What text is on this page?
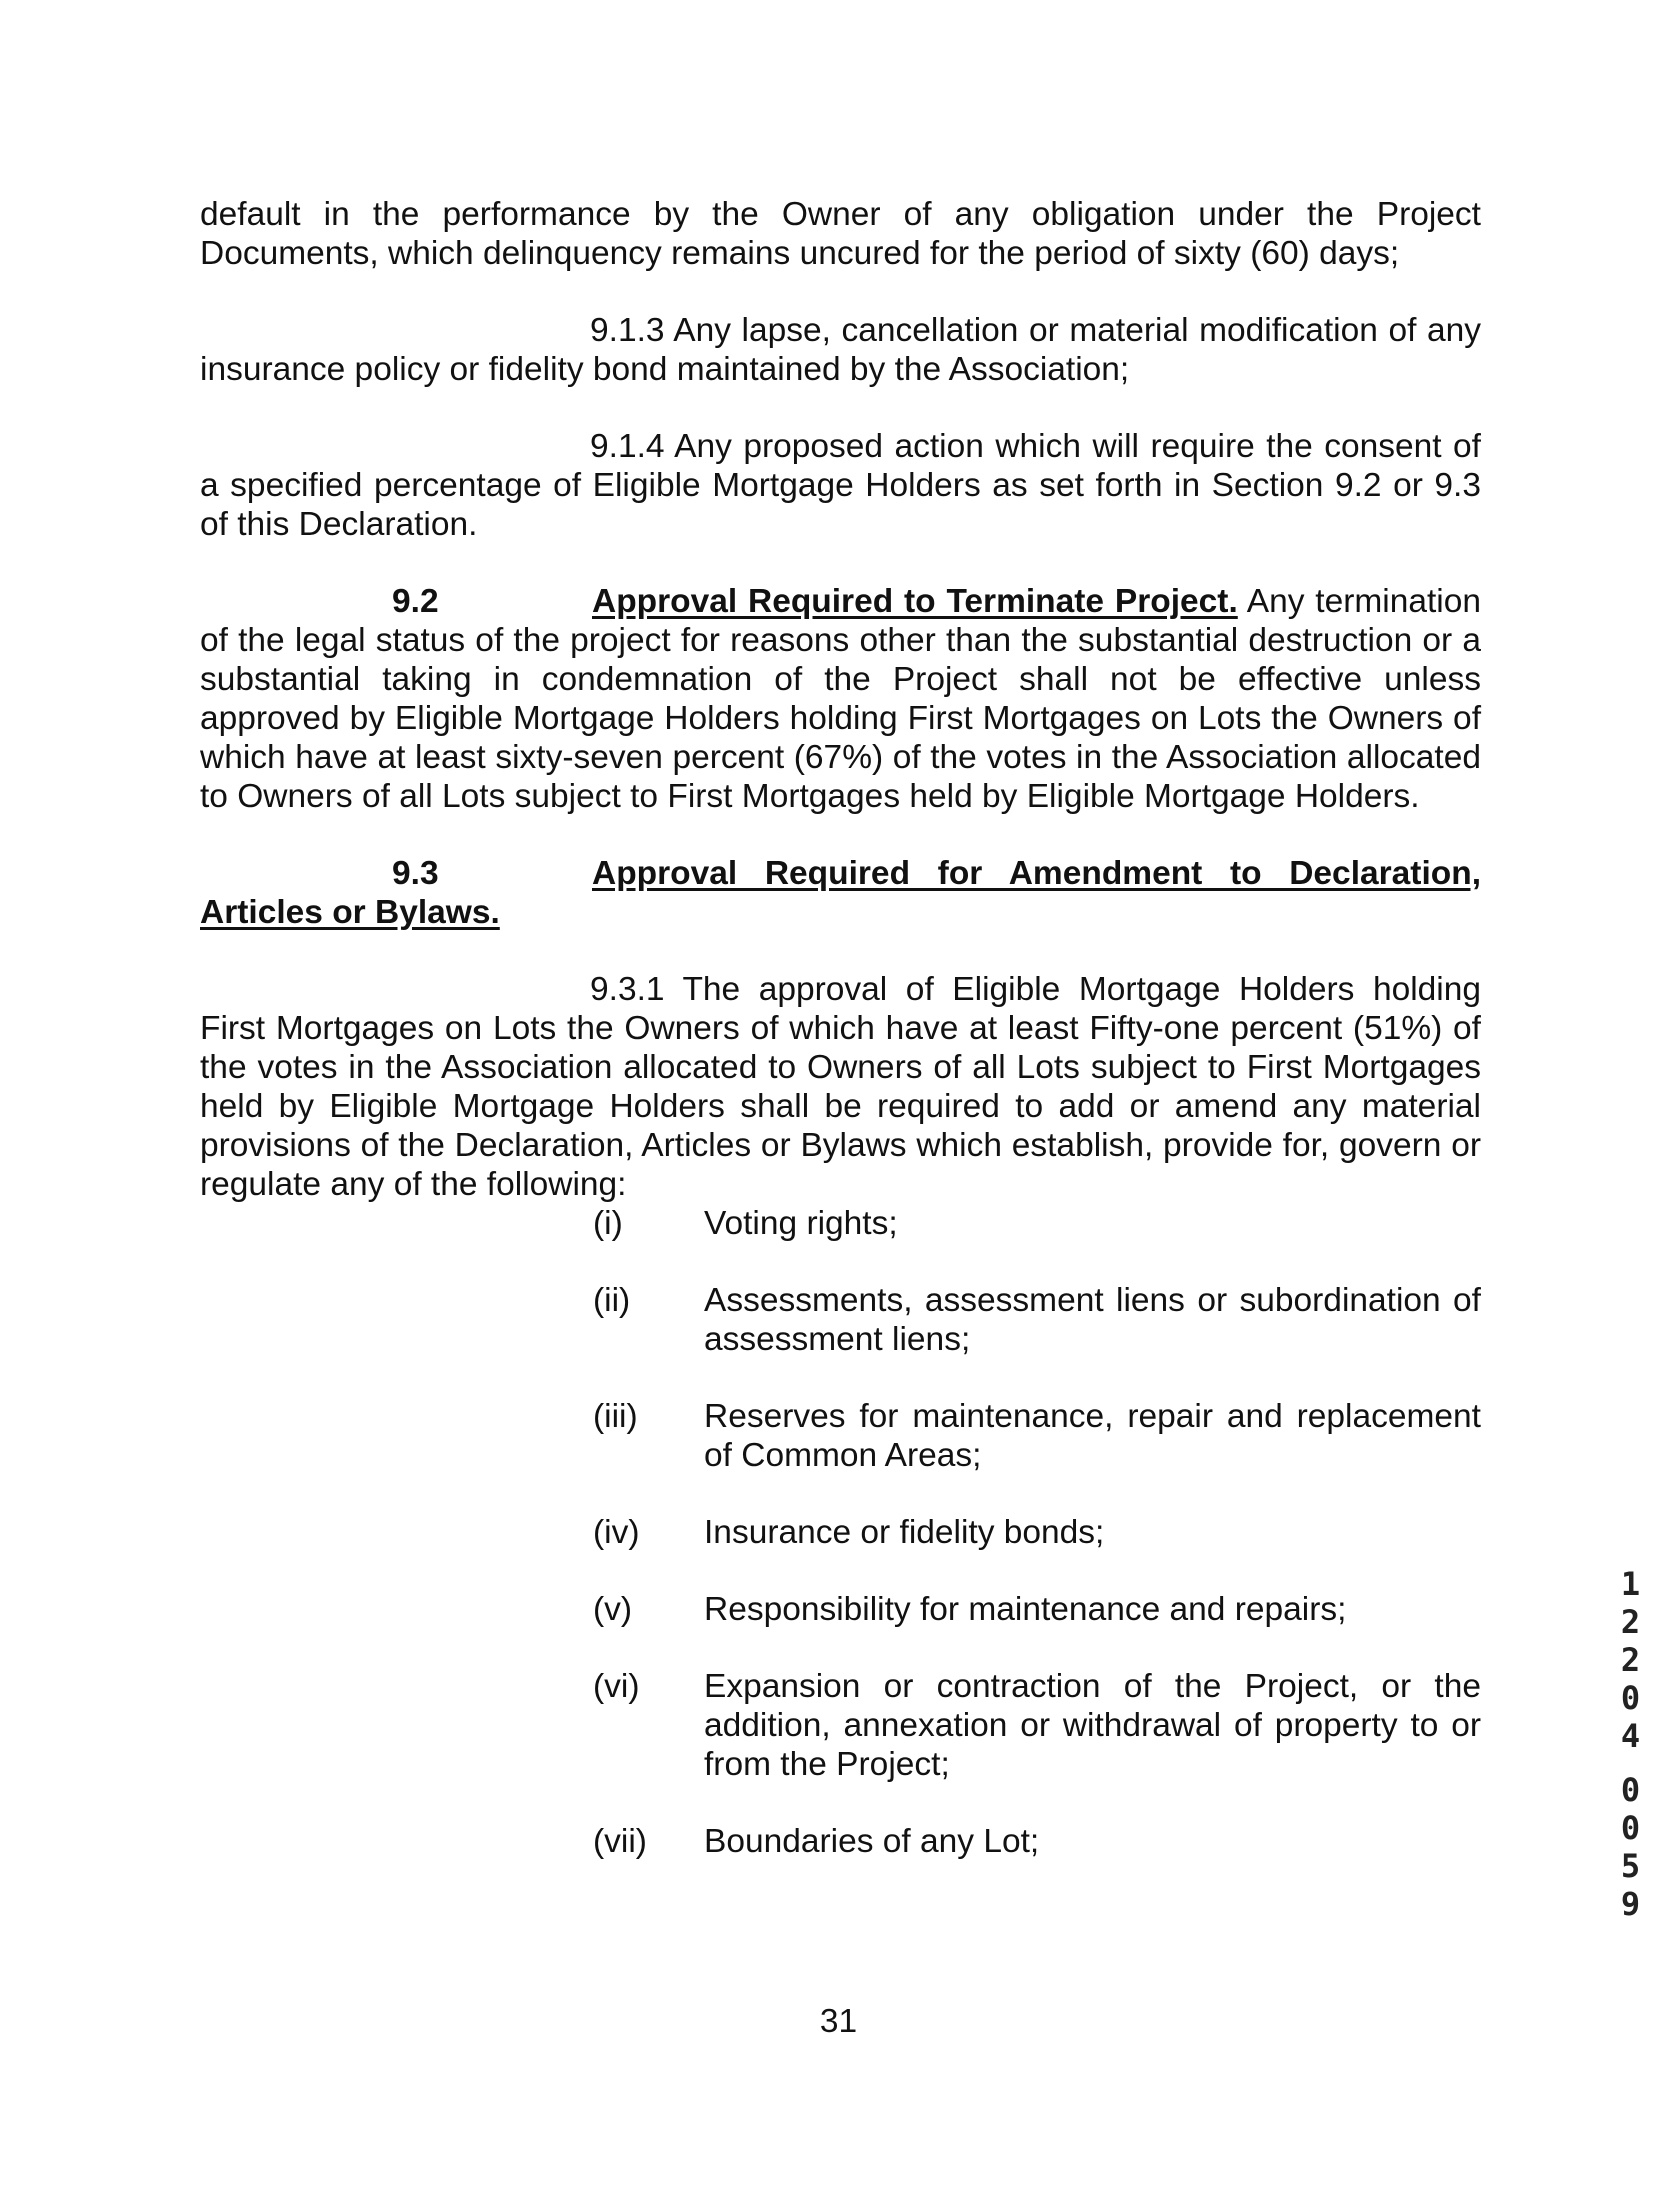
default in the performance by the Owner of any obligation under the Project Documents, which delinquency remains uncured for the period of sixty (60) days;

9.1.3 Any lapse, cancellation or material modification of any insurance policy or fidelity bond maintained by the Association;

9.1.4 Any proposed action which will require the consent of a specified percentage of Eligible Mortgage Holders as set forth in Section 9.2 or 9.3 of this Declaration.

9.2	Approval Required to Terminate Project. Any termination of the legal status of the project for reasons other than the substantial destruction or a substantial taking in condemnation of the Project shall not be effective unless approved by Eligible Mortgage Holders holding First Mortgages on Lots the Owners of which have at least sixty-seven percent (67%) of the votes in the Association allocated to Owners of all Lots subject to First Mortgages held by Eligible Mortgage Holders.

9.3	Approval Required for Amendment to Declaration,
Articles or Bylaws.

9.3.1 The approval of Eligible Mortgage Holders holding First Mortgages on Lots the Owners of which have at least Fifty-one percent (51%) of the votes in the Association allocated to Owners of all Lots subject to First Mortgages held by Eligible Mortgage Holders shall be required to add or amend any material provisions of the Declaration, Articles or Bylaws which establish, provide for, govern or regulate any of the following:

(i)	Voting rights;
(ii)	Assessments, assessment liens or subordination of assessment liens;
(iii)	Reserves for maintenance, repair and replacement of Common Areas;
(iv)	Insurance or fidelity bonds;
(v)	Responsibility for maintenance and repairs;
(vi)	Expansion or contraction of the Project, or the addition, annexation or withdrawal of property to or from the Project;
(vii)	Boundaries of any Lot;
31
12204
0059
